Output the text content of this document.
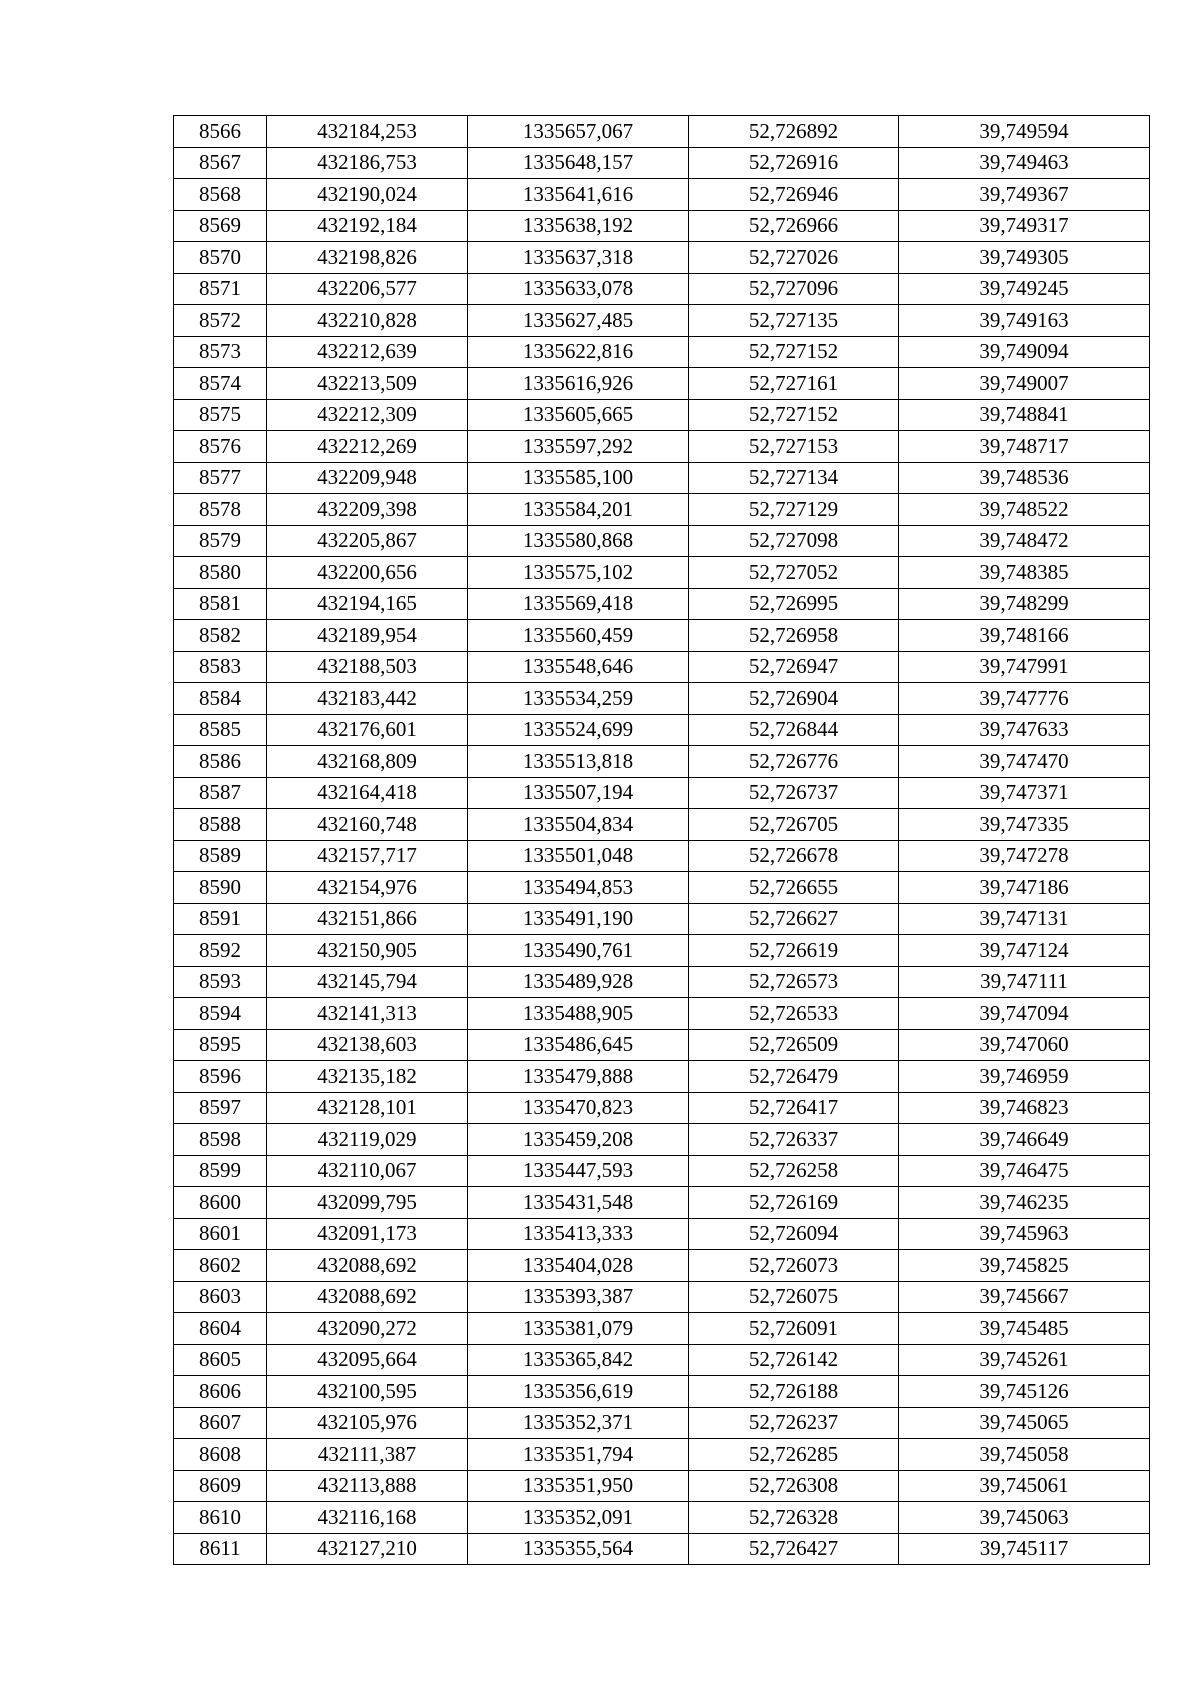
8566	432184,253	1335657,067	52,726892	39,749594
8567	432186,753	1335648,157	52,726916	39,749463
8568	432190,024	1335641,616	52,726946	39,749367
8569	432192,184	1335638,192	52,726966	39,749317
8570	432198,826	1335637,318	52,727026	39,749305
8571	432206,577	1335633,078	52,727096	39,749245
8572	432210,828	1335627,485	52,727135	39,749163
8573	432212,639	1335622,816	52,727152	39,749094
8574	432213,509	1335616,926	52,727161	39,749007
8575	432212,309	1335605,665	52,727152	39,748841
8576	432212,269	1335597,292	52,727153	39,748717
8577	432209,948	1335585,100	52,727134	39,748536
8578	432209,398	1335584,201	52,727129	39,748522
8579	432205,867	1335580,868	52,727098	39,748472
8580	432200,656	1335575,102	52,727052	39,748385
8581	432194,165	1335569,418	52,726995	39,748299
8582	432189,954	1335560,459	52,726958	39,748166
8583	432188,503	1335548,646	52,726947	39,747991
8584	432183,442	1335534,259	52,726904	39,747776
8585	432176,601	1335524,699	52,726844	39,747633
8586	432168,809	1335513,818	52,726776	39,747470
8587	432164,418	1335507,194	52,726737	39,747371
8588	432160,748	1335504,834	52,726705	39,747335
8589	432157,717	1335501,048	52,726678	39,747278
8590	432154,976	1335494,853	52,726655	39,747186
8591	432151,866	1335491,190	52,726627	39,747131
8592	432150,905	1335490,761	52,726619	39,747124
8593	432145,794	1335489,928	52,726573	39,747111
8594	432141,313	1335488,905	52,726533	39,747094
8595	432138,603	1335486,645	52,726509	39,747060
8596	432135,182	1335479,888	52,726479	39,746959
8597	432128,101	1335470,823	52,726417	39,746823
8598	432119,029	1335459,208	52,726337	39,746649
8599	432110,067	1335447,593	52,726258	39,746475
8600	432099,795	1335431,548	52,726169	39,746235
8601	432091,173	1335413,333	52,726094	39,745963
8602	432088,692	1335404,028	52,726073	39,745825
8603	432088,692	1335393,387	52,726075	39,745667
8604	432090,272	1335381,079	52,726091	39,745485
8605	432095,664	1335365,842	52,726142	39,745261
8606	432100,595	1335356,619	52,726188	39,745126
8607	432105,976	1335352,371	52,726237	39,745065
8608	432111,387	1335351,794	52,726285	39,745058
8609	432113,888	1335351,950	52,726308	39,745061
8610	432116,168	1335352,091	52,726328	39,745063
8611	432127,210	1335355,564	52,726427	39,745117
